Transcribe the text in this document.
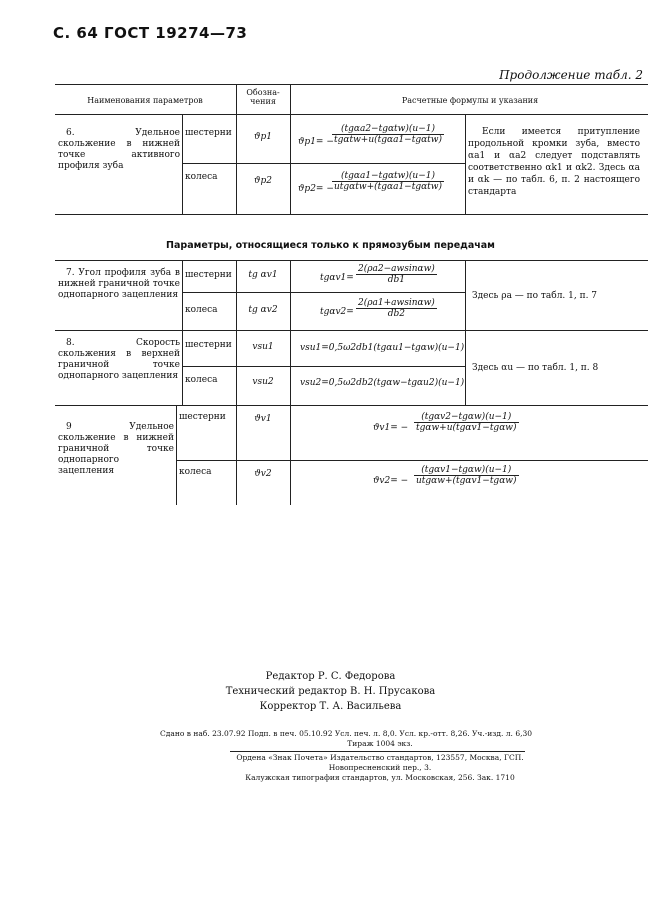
С. 64 ГОСТ 19274—73
Продолжение табл. 2
Наименования параметров
Обозна-чения	Расчетные формулы и указания
6. Удельное скольжение в нижней точке активного профиля зуба
шестерни
колеса
ϑp1
ϑp2
ϑp1= −
(tgαa2−tgαtw)(u−1)
tgαtw+u(tgαa1−tgαtw)
ϑp2= −
(tgαa1−tgαtw)(u−1)
utgαtw+(tgαa1−tgαtw)
Если имеется притупление продольной кромки зуба, вместо αa1 и αa2 следует подставлять соответственно αk1 и αk2. Здесь αa и αk — по табл. 6, п. 2 настоящего стандарта
Параметры, относящиеся только к прямозубым передачам
7. Угол профиля зуба в нижней граничной точке однопарного зацепления
шестерни
колеса
tg αv1
tg αv2
$tg\alpha v1= \frac{2(\rho a2-awsin\alpha w)}{db1}$
$tg\alpha v2= \frac{2(\rho a1+awsin\alpha w)}{db2}$
Здесь ρa — по табл. 1, п. 7
8. Скорость скольжения в верхней граничной точке однопарного зацепления
шестерни
колеса
vsu1
vsu2
vsu1=0,5ω2db1(tgαu1−tgαw)(u−1)
vsu2=0,5ω2db2(tgαw−tgαu2)(u−1)
Здесь αu — по табл. 1, п. 8
9 Удельное скольжение в нижней граничной точке однопарного зацепления
шестерни
колеса
ϑv1
ϑv2
ϑv1= −
(tgαv2−tgαw)(u−1)
tgαw+u(tgαv1−tgαw)
ϑv2= −
(tgαv1−tgαw)(u−1)
utgαw+(tgαv1−tgαw)
Редактор Р. С. Федорова
Технический редактор В. Н. Прусакова
Корректор Т. А. Васильева
Сдано в наб. 23.07.92 Подп. в печ. 05.10.92 Усл. печ. л. 8,0. Усл. кр.-отт. 8,26. Уч.-изд. л. 6,30
Тираж 1004 экз.
Ордена «Знак Почета» Издательство стандартов, 123557, Москва, ГСП.
Новопресненский пер., 3.
Калужская типография стандартов, ул. Московская, 256. Зак. 1710
